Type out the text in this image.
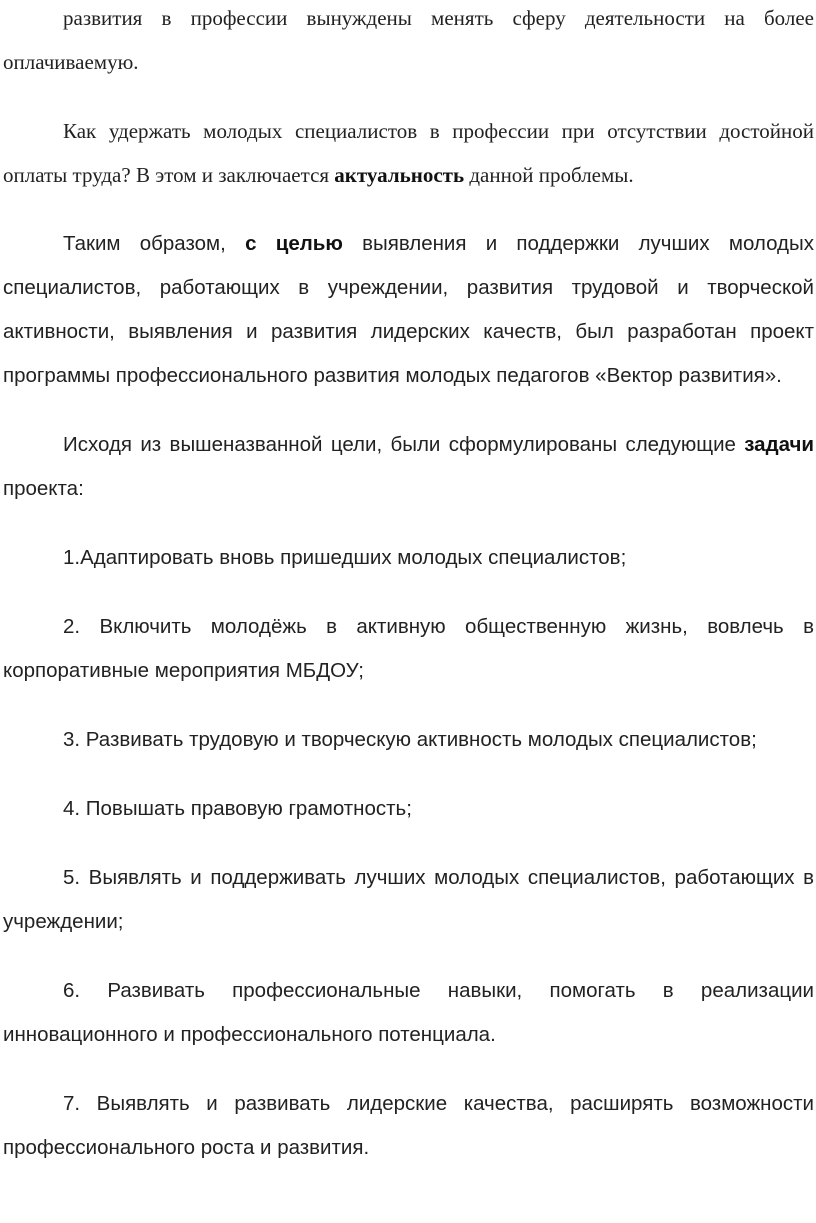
развития в профессии вынуждены менять сферу деятельности на более оплачиваемую.

Как удержать молодых специалистов в профессии при отсутствии достойной оплаты труда? В этом и заключается актуальность данной проблемы.

Таким образом, с целью выявления и поддержки лучших молодых специалистов, работающих в учреждении, развития трудовой и творческой активности, выявления и развития лидерских качеств, был разработан проект программы профессионального развития молодых педагогов «Вектор развития».

Исходя из вышеназванной цели, были сформулированы следующие задачи проекта:

1.Адаптировать вновь пришедших молодых специалистов;

2. Включить молодёжь в активную общественную жизнь, вовлечь в корпоративные мероприятия МБДОУ;

3. Развивать трудовую и творческую активность молодых специалистов;

4. Повышать правовую грамотность;

5. Выявлять и поддерживать лучших молодых специалистов, работающих в учреждении;

6. Развивать профессиональные навыки, помогать в реализации инновационного и профессионального потенциала.

7. Выявлять и развивать лидерские качества, расширять возможности профессионального роста и развития.
